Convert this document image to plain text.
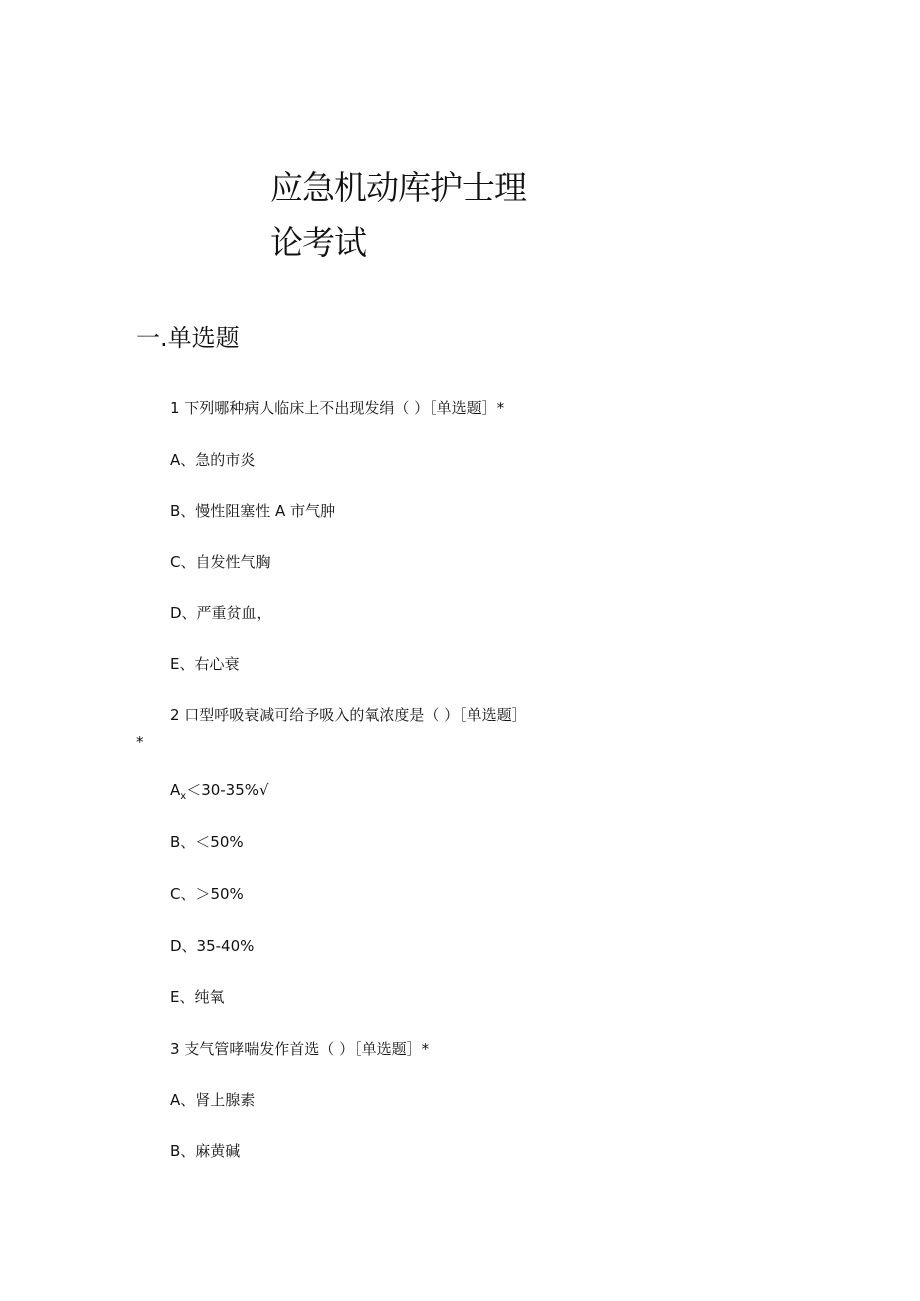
应急机动库护士理
论考试
一.单选题
1 下列哪种病人临床上不出现发绢（ ）［单选题］*
A、急的市炎
B、慢性阻塞性 A 市气肿
C、自发性气胸
D、严重贫血，
E、右心衰
2 口型呼吸衰减可给予吸入的氧浓度是（ ）［单选题］
*
$A_x<30-35\%√$
B、＜50%
C、＞50%
D、35-40%
E、纯氧
3 支气管哮喘发作首选（ ）［单选题］*
A、肾上腺素
B、麻黄碱
